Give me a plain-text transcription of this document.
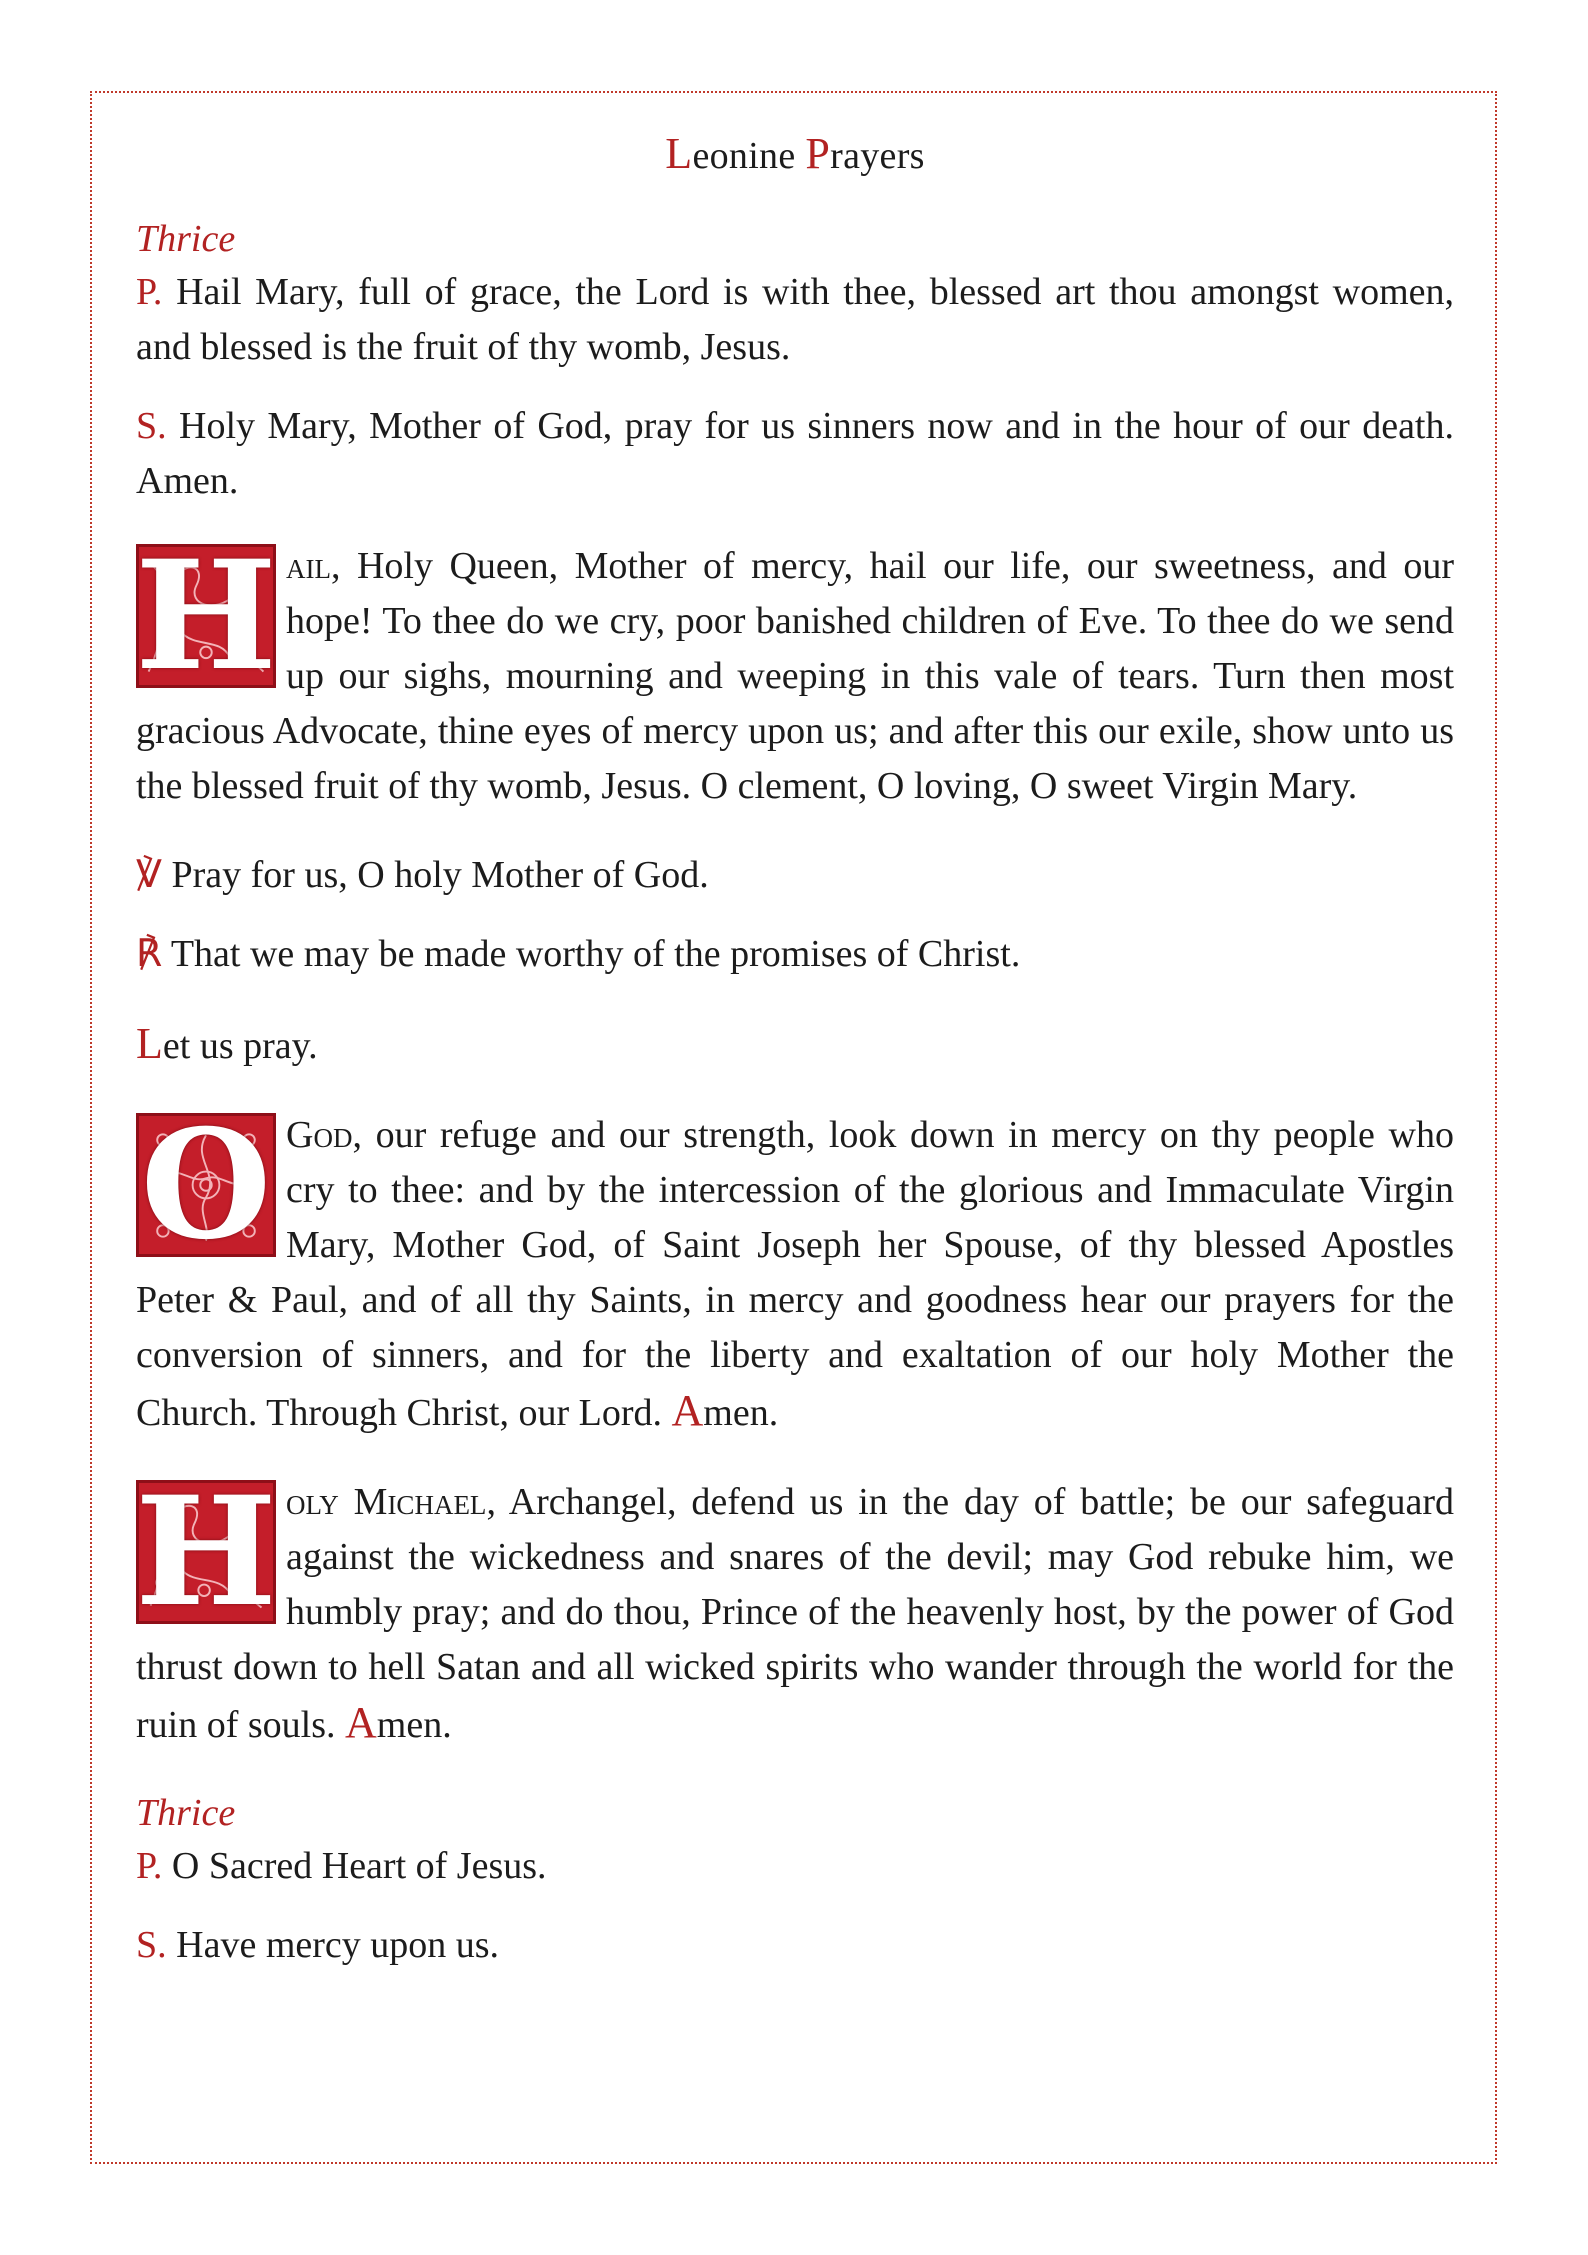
Leonine Prayers
Thrice

P. Hail Mary, full of grace, the Lord is with thee, blessed art thou amongst women, and blessed is the fruit of thy womb, Jesus.

S. Holy Mary, Mother of God, pray for us sinners now and in the hour of our death. Amen.

H ail, Holy Queen, Mother of mercy, hail our life, our sweetness, and our hope! To thee do we cry, poor banished children of Eve. To thee do we send up our sighs, mourning and weeping in this vale of tears. Turn then most gracious Advocate, thine eyes of mercy upon us; and after this our exile, show unto us the blessed fruit of thy womb, Jesus. O clement, O loving, O sweet Virgin Mary.

℣ Pray for us, O holy Mother of God.

℟ That we may be made worthy of the promises of Christ.

Let us pray.

O God, our refuge and our strength, look down in mercy on thy people who cry to thee: and by the intercession of the glorious and Immaculate Virgin Mary, Mother God, of Saint Joseph her Spouse, of thy blessed Apostles Peter & Paul, and of all thy Saints, in mercy and goodness hear our prayers for the conversion of sinners, and for the liberty and exaltation of our holy Mother the Church. Through Christ, our Lord. Amen.

H oly Michael, Archangel, defend us in the day of battle; be our safeguard against the wickedness and snares of the devil; may God rebuke him, we humbly pray; and do thou, Prince of the heavenly host, by the power of God thrust down to hell Satan and all wicked spirits who wander through the world for the ruin of souls. Amen.

Thrice

P. O Sacred Heart of Jesus.

S. Have mercy upon us.
